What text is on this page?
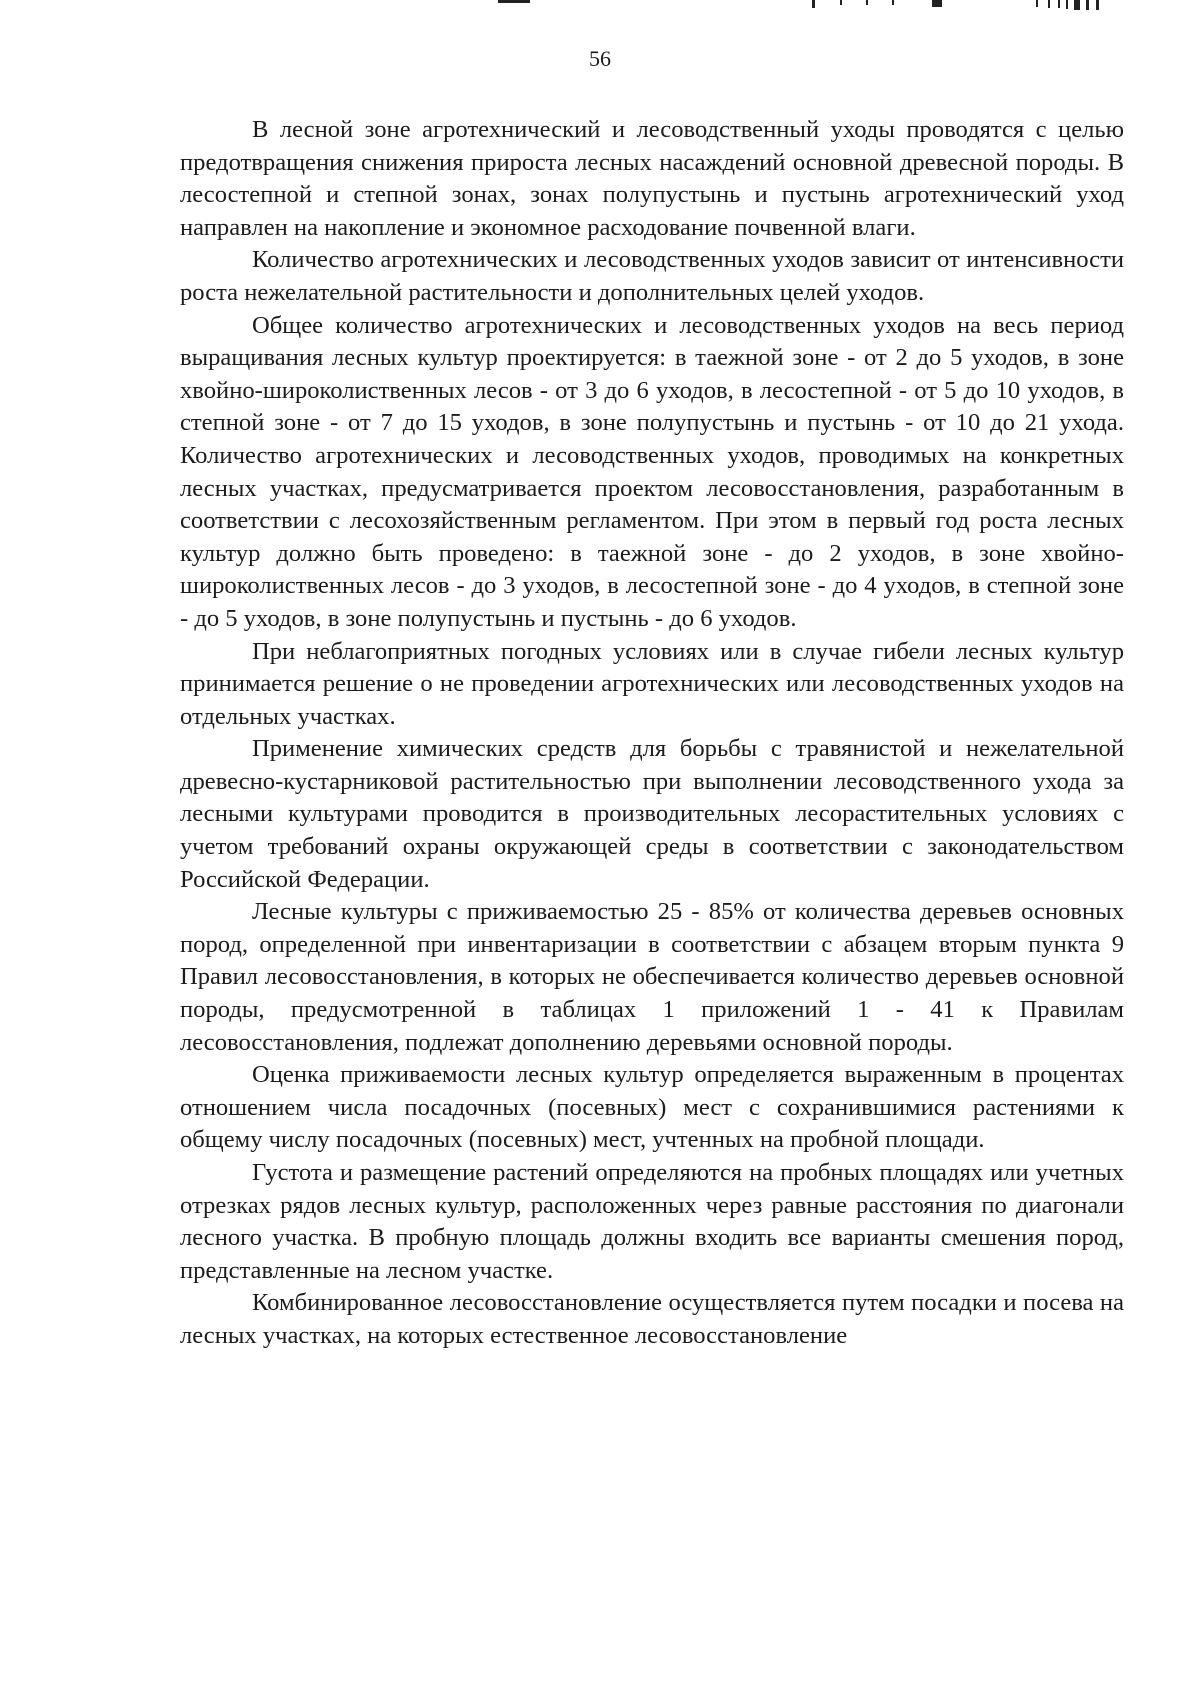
56

В лесной зоне агротехнический и лесоводственный уходы проводятся с целью предотвращения снижения прироста лесных насаждений основной древесной породы. В лесостепной и степной зонах, зонах полупустынь и пустынь агротехнический уход направлен на накопление и экономное расходование почвенной влаги.

Количество агротехнических и лесоводственных уходов зависит от интенсивности роста нежелательной растительности и дополнительных целей уходов.

Общее количество агротехнических и лесоводственных уходов на весь период выращивания лесных культур проектируется: в таежной зоне - от 2 до 5 уходов, в зоне хвойно-широколиственных лесов - от 3 до 6 уходов, в лесостепной - от 5 до 10 уходов, в степной зоне - от 7 до 15 уходов, в зоне полупустынь и пустынь - от 10 до 21 ухода. Количество агротехнических и лесоводственных уходов, проводимых на конкретных лесных участках, предусматривается проектом лесовосстановления, разработанным в соответствии с лесохозяйственным регламентом. При этом в первый год роста лесных культур должно быть проведено: в таежной зоне - до 2 уходов, в зоне хвойно-широколиственных лесов - до 3 уходов, в лесостепной зоне - до 4 уходов, в степной зоне - до 5 уходов, в зоне полупустынь и пустынь - до 6 уходов.

При неблагоприятных погодных условиях или в случае гибели лесных культур принимается решение о не проведении агротехнических или лесоводственных уходов на отдельных участках.

Применение химических средств для борьбы с травянистой и нежелательной древесно-кустарниковой растительностью при выполнении лесоводственного ухода за лесными культурами проводится в производительных лесорастительных условиях с учетом требований охраны окружающей среды в соответствии с законодательством Российской Федерации.

Лесные культуры с приживаемостью 25 - 85% от количества деревьев основных пород, определенной при инвентаризации в соответствии с абзацем вторым пункта 9 Правил лесовосстановления, в которых не обеспечивается количество деревьев основной породы, предусмотренной в таблицах 1 приложений 1 - 41 к Правилам лесовосстановления, подлежат дополнению деревьями основной породы.

Оценка приживаемости лесных культур определяется выраженным в процентах отношением числа посадочных (посевных) мест с сохранившимися растениями к общему числу посадочных (посевных) мест, учтенных на пробной площади.

Густота и размещение растений определяются на пробных площадях или учетных отрезках рядов лесных культур, расположенных через равные расстояния по диагонали лесного участка. В пробную площадь должны входить все варианты смешения пород, представленные на лесном участке.

Комбинированное лесовосстановление осуществляется путем посадки и посева на лесных участках, на которых естественное лесовосстановление
